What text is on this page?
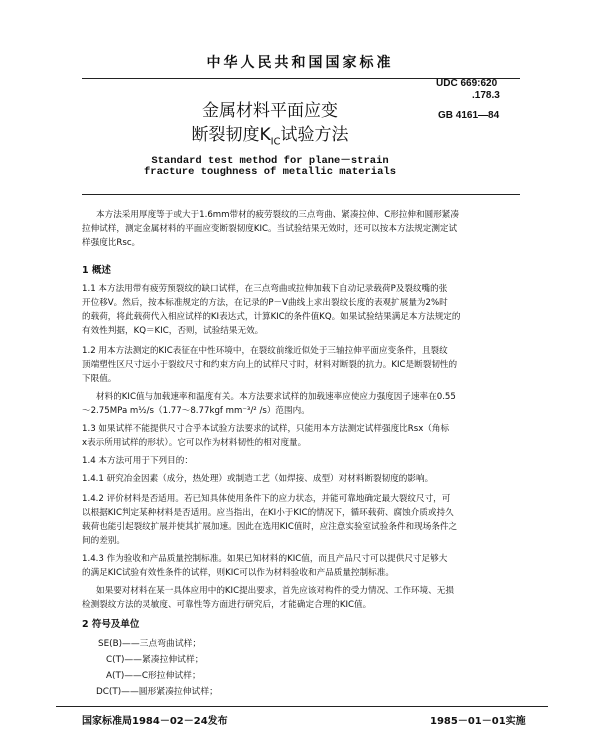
中华人民共和国国家标准
UDC 669:620
.178.3
GB 4161—84
金属材料平面应变
断裂韧度$K_{IC}$试验方法
Standard test method for plane－strain
fracture toughness of metallic materials
本方法采用厚度等于或大于1.6mm带材的疲劳裂纹的三点弯曲、紧凑拉伸、C形拉伸和圆形紧凑
拉伸试样，测定金属材料的平面应变断裂韧度KIC。当试验结果无效时，还可以按本方法规定测定试
样强度比Rsc。
1 概述
1.1 本方法用带有疲劳预裂纹的缺口试样，在三点弯曲或拉伸加载下自动记录载荷P及裂纹嘴的张
开位移V。然后，按本标准规定的方法，在记录的P－V曲线上求出裂纹长度的表观扩展量为2%时
的载荷，将此载荷代入相应试样的KI表达式，计算KIC的条件值KQ。如果试验结果满足本方法规定的
有效性判据，KQ＝KIC，否则，试验结果无效。
1.2 用本方法测定的KIC表征在中性环境中，在裂纹前缘近似处于三轴拉伸平面应变条件，且裂纹
顶端塑性区尺寸远小于裂纹尺寸和约束方向上的试样尺寸时，材料对断裂的抗力。KIC是断裂韧性的
下限值。
材料的KIC值与加载速率和温度有关。本方法要求试样的加载速率应使应力强度因子速率在0.55
～2.75MPa m½/s（1.77～8.77kgf mm⁻³/² /s）范围内。
1.3 如果试样不能提供尺寸合乎本试验方法要求的试样，只能用本方法测定试样强度比Rsx（角标
x表示所用试样的形状）。它可以作为材料韧性的相对度量。
1.4 本方法可用于下列目的：
1.4.1 研究冶金因素（成分，热处理）或制造工艺（如焊接、成型）对材料断裂韧度的影响。
1.4.2 评价材料是否适用。若已知具体使用条件下的应力状态，并能可靠地确定最大裂纹尺寸，可
以根据KIC判定某种材料是否适用。应当指出，在KI小于KIC的情况下，循环载荷、腐蚀介质或持久
载荷也能引起裂纹扩展并使其扩展加速。因此在选用KIC值时，应注意实验室试验条件和现场条件之
间的差别。
1.4.3 作为验收和产品质量控制标准。如果已知材料的KIC值，而且产品尺寸可以提供尺寸足够大
的满足KIC试验有效性条件的试样，则KIC可以作为材料验收和产品质量控制标准。
如果要对材料在某一具体应用中的KIC提出要求，首先应该对构件的受力情况、工作环境、无损
检测裂纹方法的灵敏度、可靠性等方面进行研究后，才能确定合理的KIC值。
2 符号及单位
SE(B)——三点弯曲试样；
C(T)——紧凑拉伸试样；
A(T)——C形拉伸试样；
DC(T)——圆形紧凑拉伸试样；
国家标准局1984－02－24发布	1985－01－01实施
